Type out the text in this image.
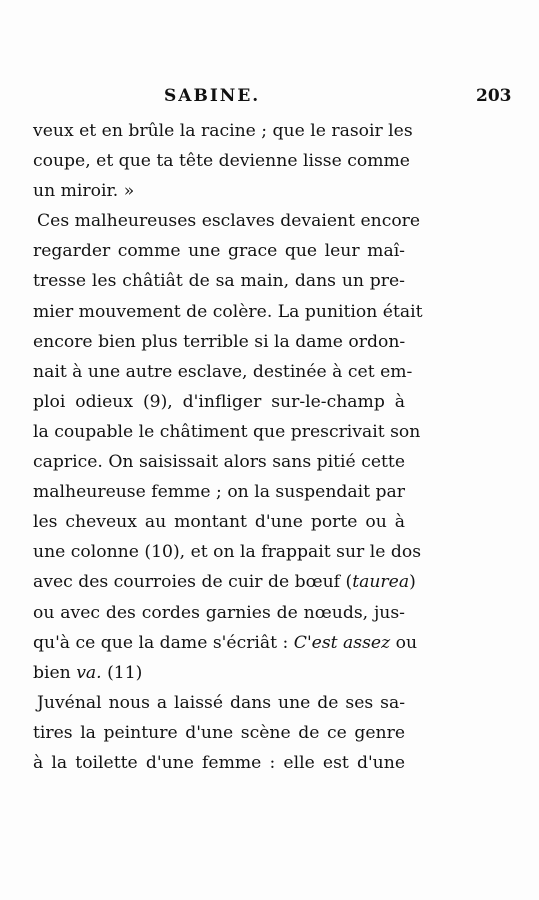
SABINE.	203
veux et en brûle la racine ; que le rasoir les
coupe, et que ta tête devienne lisse comme
un miroir. »
Ces malheureuses esclaves devaient encore
regarder comme une grace que leur maî-
tresse les châtiât de sa main, dans un pre-
mier mouvement de colère. La punition était
encore bien plus terrible si la dame ordon-
nait à une autre esclave, destinée à cet em-
ploi odieux (9), d'infliger sur-le-champ à
la coupable le châtiment que prescrivait son
caprice. On saisissait alors sans pitié cette
malheureuse femme ; on la suspendait par
les cheveux au montant d'une porte ou à
une colonne (10), et on la frappait sur le dos
avec des courroies de cuir de bœuf (taurea)
ou avec des cordes garnies de nœuds, jus-
qu'à ce que la dame s'écriât : C'est assez ou
bien va. (11)
Juvénal nous a laissé dans une de ses sa-
tires la peinture d'une scène de ce genre
à la toilette d'une femme : elle est d'une
